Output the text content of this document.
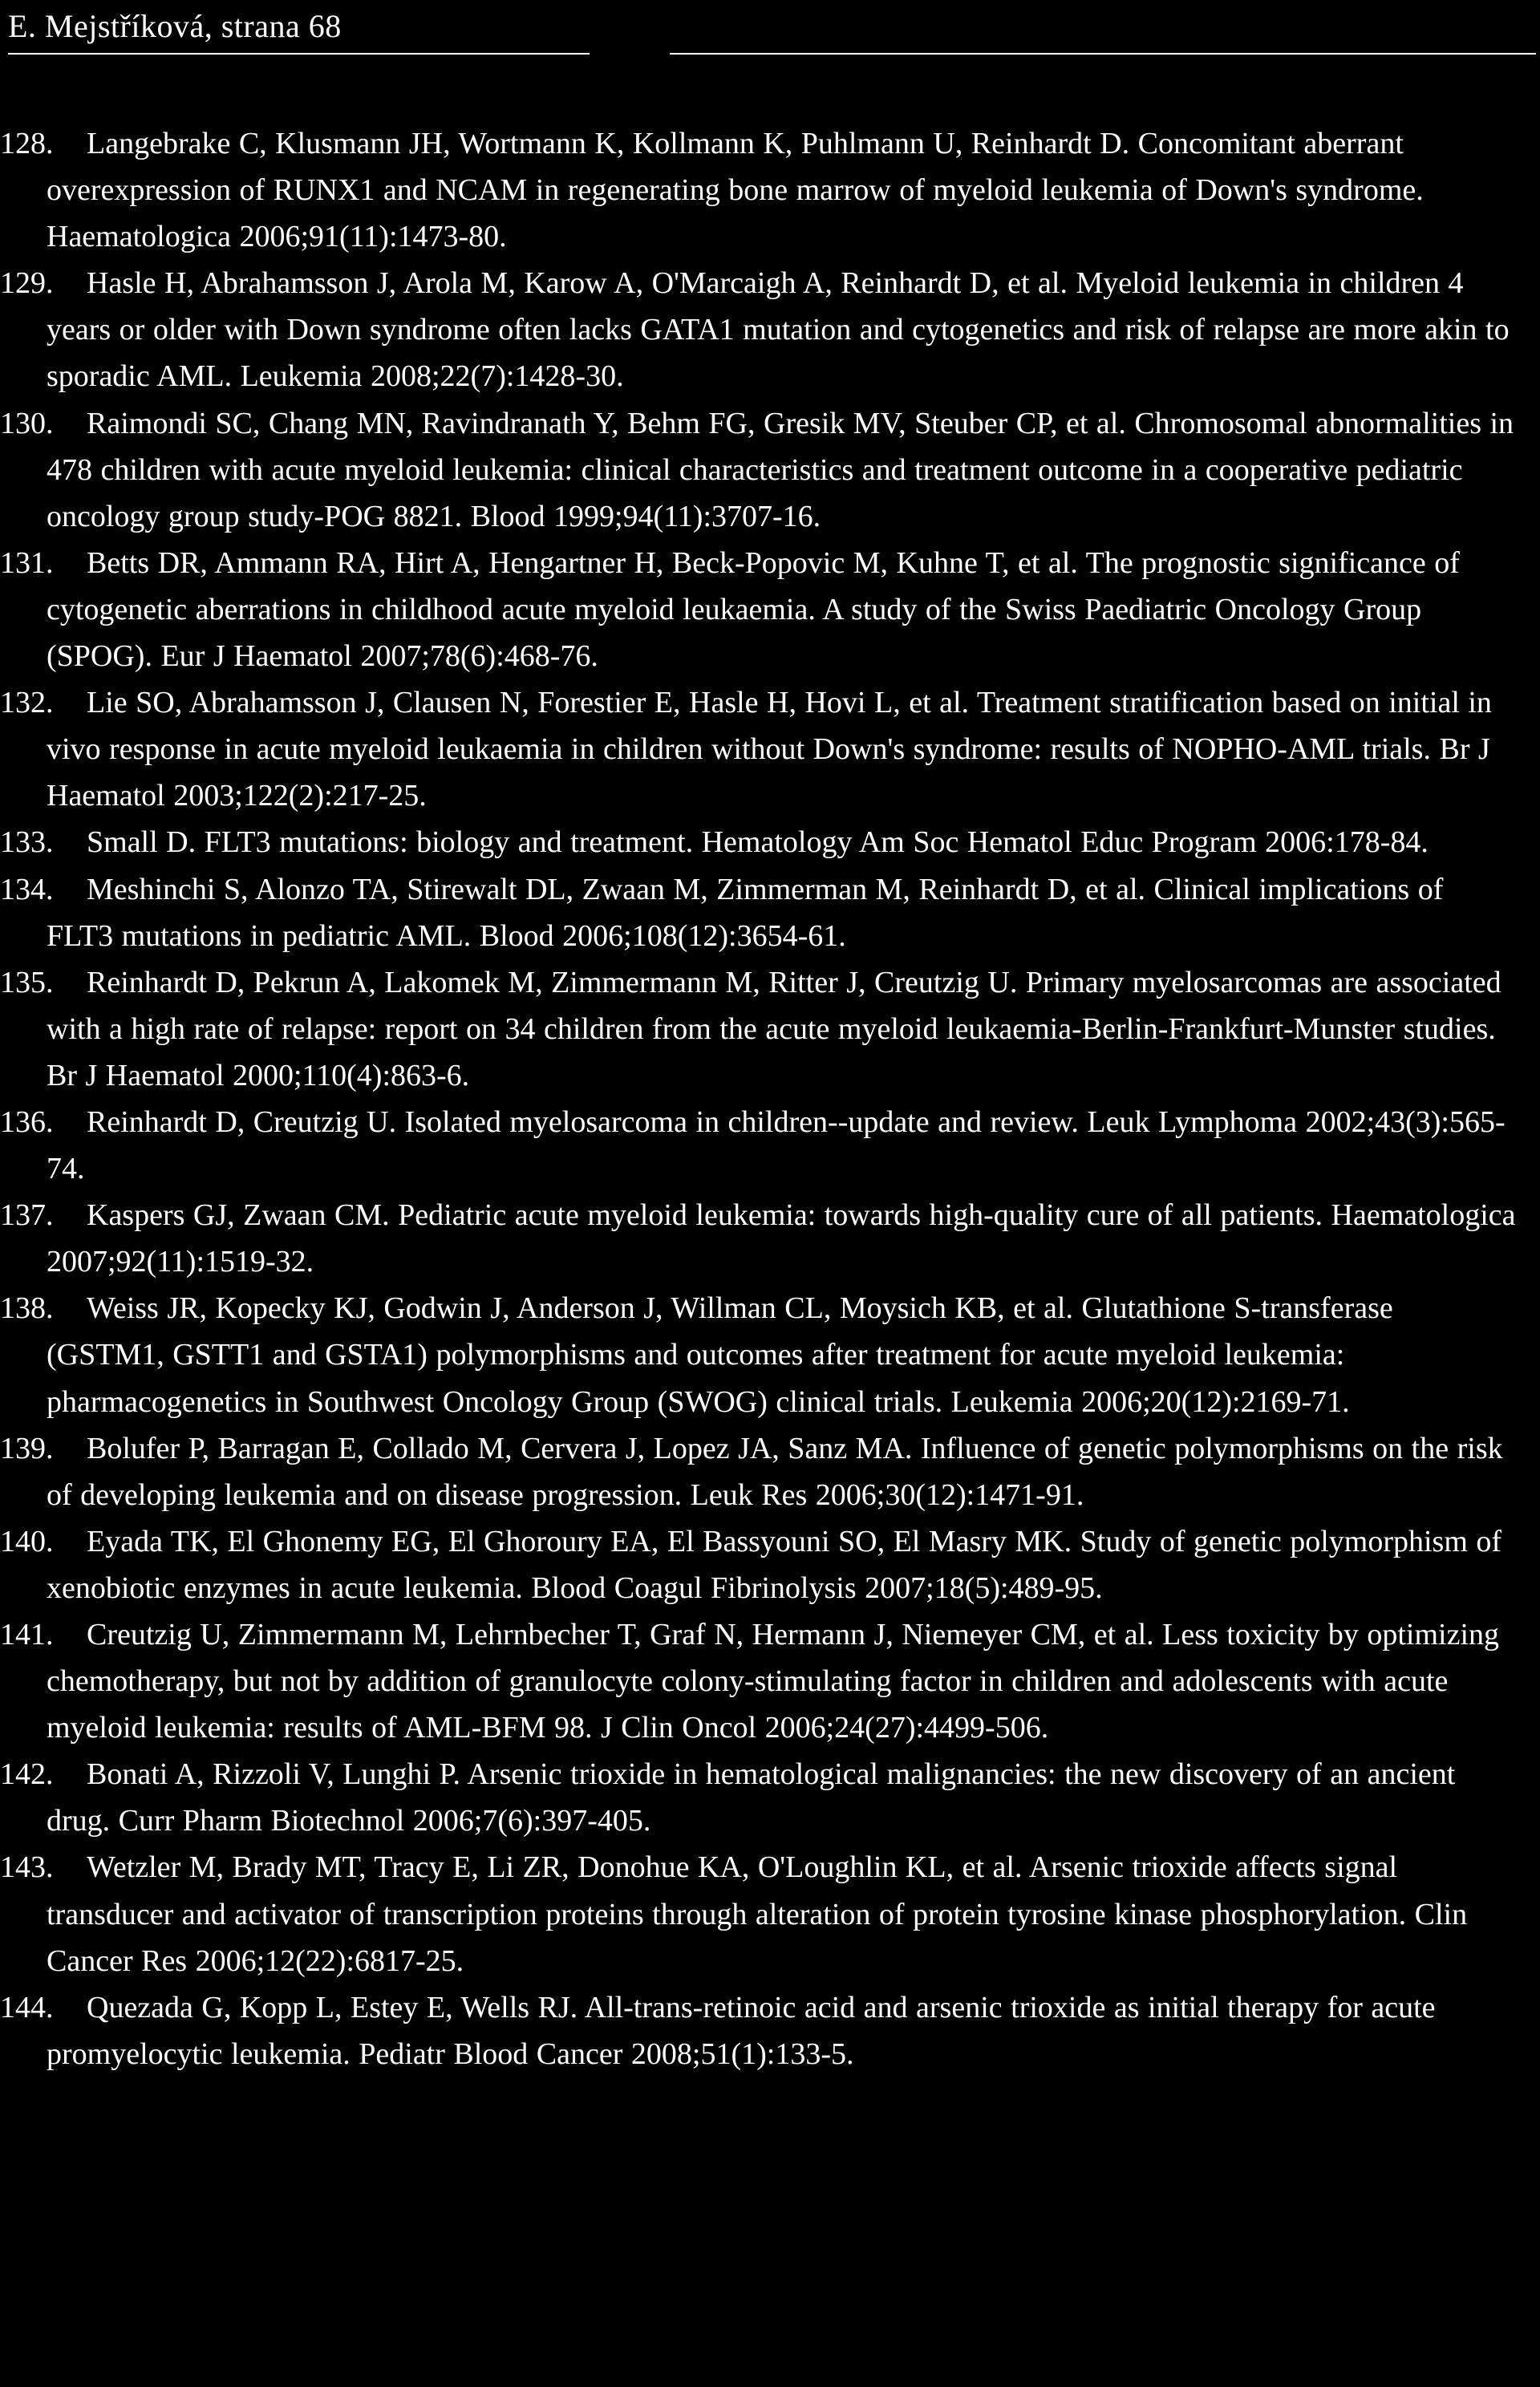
E. Mejstříková, strana 68
128. Langebrake C, Klusmann JH, Wortmann K, Kollmann K, Puhlmann U, Reinhardt D. Concomitant aberrant overexpression of RUNX1 and NCAM in regenerating bone marrow of myeloid leukemia of Down's syndrome. Haematologica 2006;91(11):1473-80.
129. Hasle H, Abrahamsson J, Arola M, Karow A, O'Marcaigh A, Reinhardt D, et al. Myeloid leukemia in children 4 years or older with Down syndrome often lacks GATA1 mutation and cytogenetics and risk of relapse are more akin to sporadic AML. Leukemia 2008;22(7):1428-30.
130. Raimondi SC, Chang MN, Ravindranath Y, Behm FG, Gresik MV, Steuber CP, et al. Chromosomal abnormalities in 478 children with acute myeloid leukemia: clinical characteristics and treatment outcome in a cooperative pediatric oncology group study-POG 8821. Blood 1999;94(11):3707-16.
131. Betts DR, Ammann RA, Hirt A, Hengartner H, Beck-Popovic M, Kuhne T, et al. The prognostic significance of cytogenetic aberrations in childhood acute myeloid leukaemia. A study of the Swiss Paediatric Oncology Group (SPOG). Eur J Haematol 2007;78(6):468-76.
132. Lie SO, Abrahamsson J, Clausen N, Forestier E, Hasle H, Hovi L, et al. Treatment stratification based on initial in vivo response in acute myeloid leukaemia in children without Down's syndrome: results of NOPHO-AML trials. Br J Haematol 2003;122(2):217-25.
133. Small D. FLT3 mutations: biology and treatment. Hematology Am Soc Hematol Educ Program 2006:178-84.
134. Meshinchi S, Alonzo TA, Stirewalt DL, Zwaan M, Zimmerman M, Reinhardt D, et al. Clinical implications of FLT3 mutations in pediatric AML. Blood 2006;108(12):3654-61.
135. Reinhardt D, Pekrun A, Lakomek M, Zimmermann M, Ritter J, Creutzig U. Primary myelosarcomas are associated with a high rate of relapse: report on 34 children from the acute myeloid leukaemia-Berlin-Frankfurt-Munster studies. Br J Haematol 2000;110(4):863-6.
136. Reinhardt D, Creutzig U. Isolated myelosarcoma in children--update and review. Leuk Lymphoma 2002;43(3):565-74.
137. Kaspers GJ, Zwaan CM. Pediatric acute myeloid leukemia: towards high-quality cure of all patients. Haematologica 2007;92(11):1519-32.
138. Weiss JR, Kopecky KJ, Godwin J, Anderson J, Willman CL, Moysich KB, et al. Glutathione S-transferase (GSTM1, GSTT1 and GSTA1) polymorphisms and outcomes after treatment for acute myeloid leukemia: pharmacogenetics in Southwest Oncology Group (SWOG) clinical trials. Leukemia 2006;20(12):2169-71.
139. Bolufer P, Barragan E, Collado M, Cervera J, Lopez JA, Sanz MA. Influence of genetic polymorphisms on the risk of developing leukemia and on disease progression. Leuk Res 2006;30(12):1471-91.
140. Eyada TK, El Ghonemy EG, El Ghoroury EA, El Bassyouni SO, El Masry MK. Study of genetic polymorphism of xenobiotic enzymes in acute leukemia. Blood Coagul Fibrinolysis 2007;18(5):489-95.
141. Creutzig U, Zimmermann M, Lehrnbecher T, Graf N, Hermann J, Niemeyer CM, et al. Less toxicity by optimizing chemotherapy, but not by addition of granulocyte colony-stimulating factor in children and adolescents with acute myeloid leukemia: results of AML-BFM 98. J Clin Oncol 2006;24(27):4499-506.
142. Bonati A, Rizzoli V, Lunghi P. Arsenic trioxide in hematological malignancies: the new discovery of an ancient drug. Curr Pharm Biotechnol 2006;7(6):397-405.
143. Wetzler M, Brady MT, Tracy E, Li ZR, Donohue KA, O'Loughlin KL, et al. Arsenic trioxide affects signal transducer and activator of transcription proteins through alteration of protein tyrosine kinase phosphorylation. Clin Cancer Res 2006;12(22):6817-25.
144. Quezada G, Kopp L, Estey E, Wells RJ. All-trans-retinoic acid and arsenic trioxide as initial therapy for acute promyelocytic leukemia. Pediatr Blood Cancer 2008;51(1):133-5.
